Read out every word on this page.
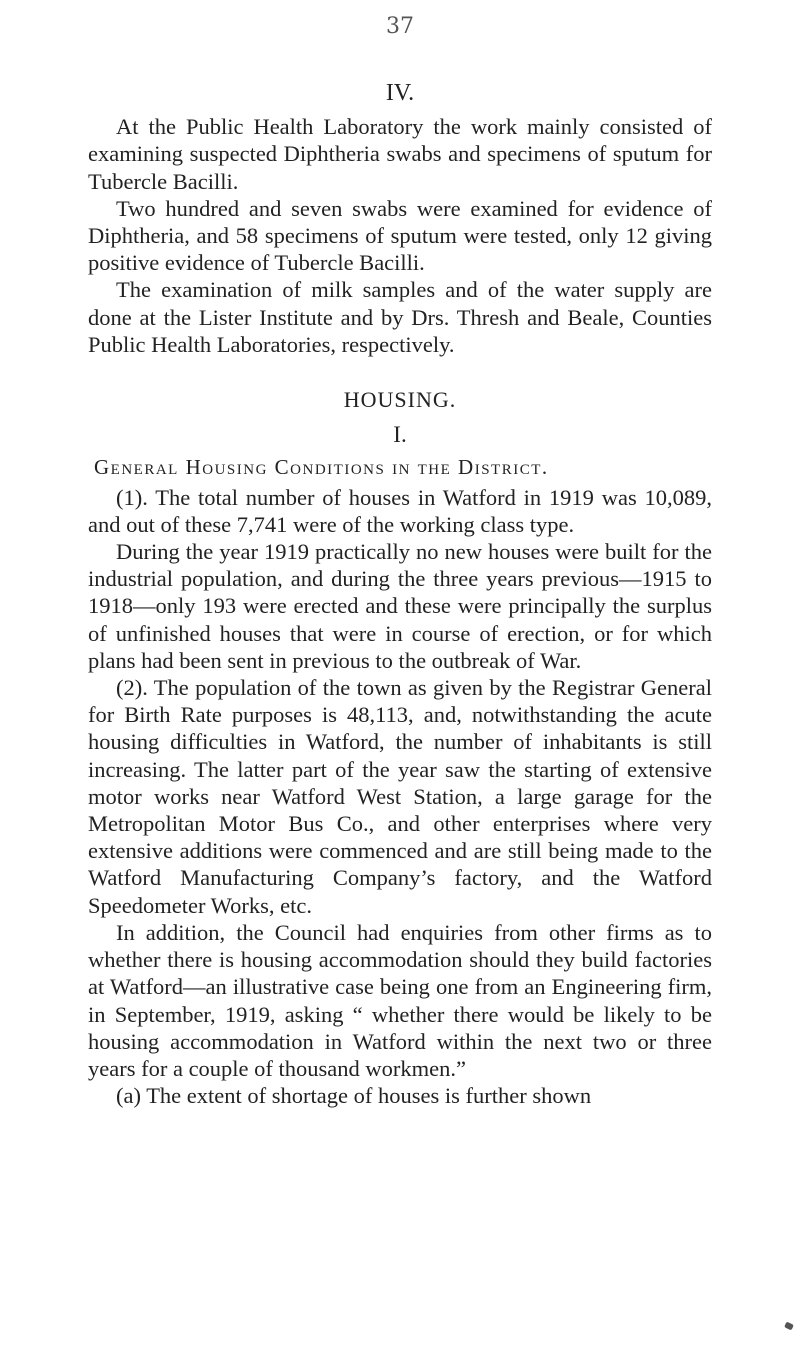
37
IV.

At the Public Health Laboratory the work mainly consisted of examining suspected Diphtheria swabs and specimens of sputum for Tubercle Bacilli.

Two hundred and seven swabs were examined for evidence of Diphtheria, and 58 specimens of sputum were tested, only 12 giving positive evidence of Tubercle Bacilli.

The examination of milk samples and of the water supply are done at the Lister Institute and by Drs. Thresh and Beale, Counties Public Health Laboratories, respectively.

HOUSING.
I.
General Housing Conditions in the District.

(1). The total number of houses in Watford in 1919 was 10,089, and out of these 7,741 were of the working class type.

During the year 1919 practically no new houses were built for the industrial population, and during the three years previous—1915 to 1918—only 193 were erected and these were principally the surplus of unfinished houses that were in course of erection, or for which plans had been sent in previous to the outbreak of War.

(2). The population of the town as given by the Registrar General for Birth Rate purposes is 48,113, and, notwithstanding the acute housing difficulties in Watford, the number of inhabitants is still increasing. The latter part of the year saw the starting of extensive motor works near Watford West Station, a large garage for the Metropolitan Motor Bus Co., and other enterprises where very extensive additions were commenced and are still being made to the Watford Manufacturing Company’s factory, and the Watford Speedometer Works, etc.

In addition, the Council had enquiries from other firms as to whether there is housing accommodation should they build factories at Watford—an illustrative case being one from an Engineering firm, in September, 1919, asking “ whether there would be likely to be housing accommodation in Watford within the next two or three years for a couple of thousand workmen.”

(a) The extent of shortage of houses is further shown
